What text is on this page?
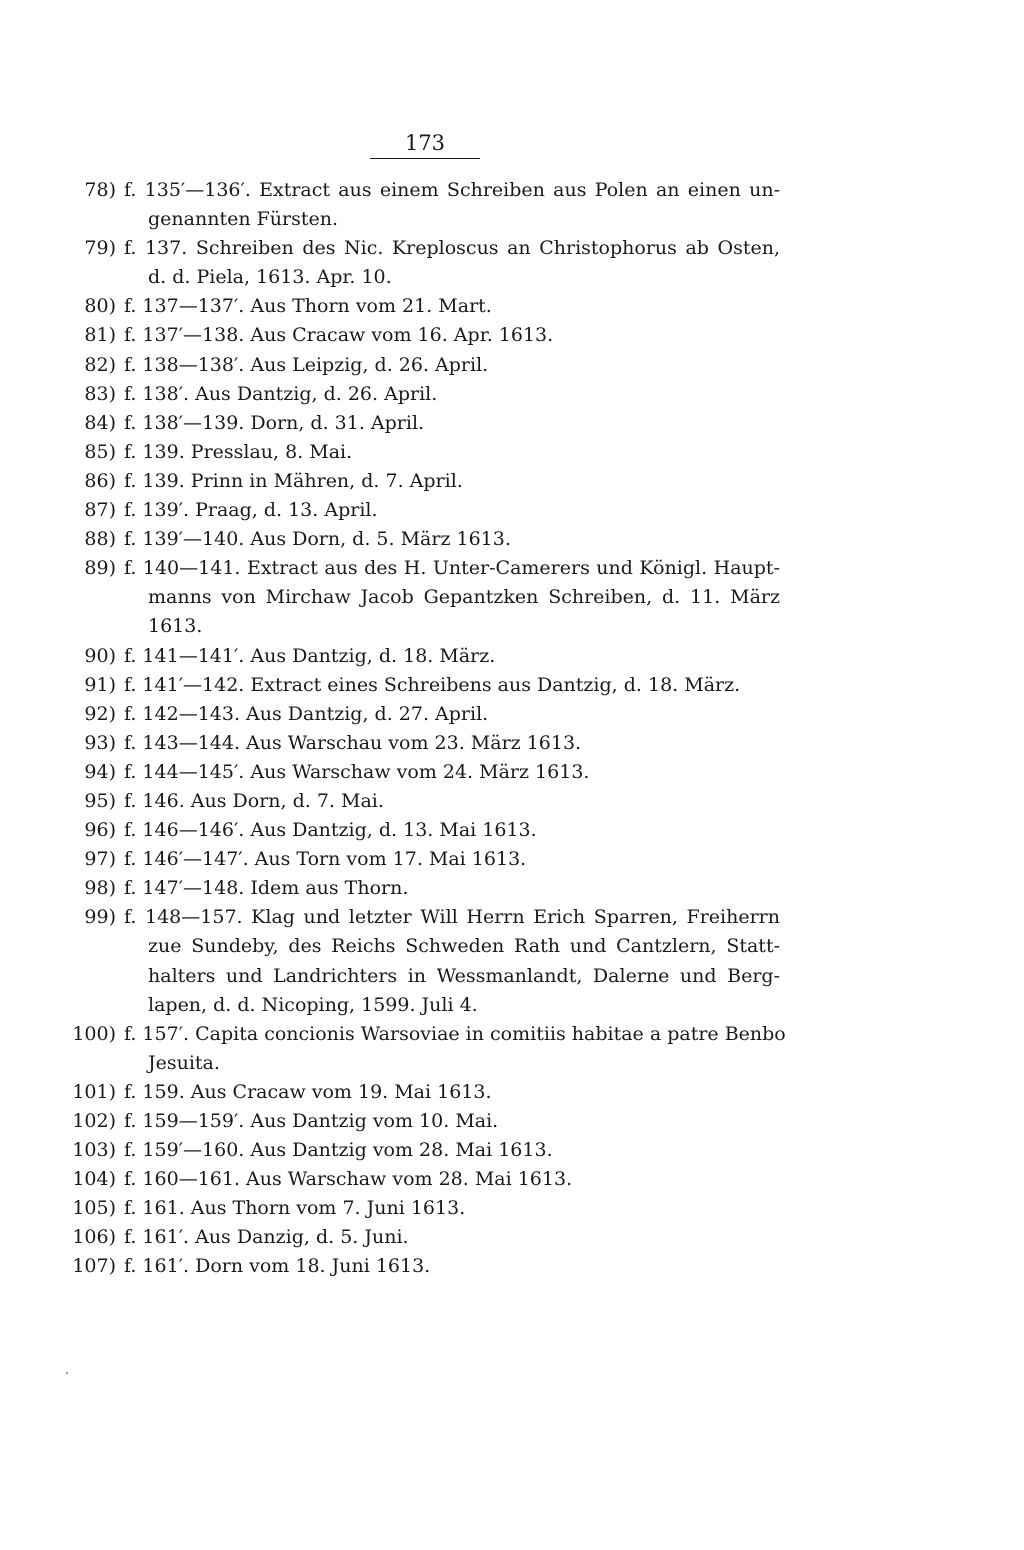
173
78) f. 135′—136′. Extract aus einem Schreiben aus Polen an einen un-
genannten Fürsten.
79) f. 137. Schreiben des Nic. Kreploscus an Christophorus ab Osten,
d. d. Piela, 1613. Apr. 10.
80) f. 137—137′. Aus Thorn vom 21. Mart.
81) f. 137′—138. Aus Cracaw vom 16. Apr. 1613.
82) f. 138—138′. Aus Leipzig, d. 26. April.
83) f. 138′. Aus Dantzig, d. 26. April.
84) f. 138′—139. Dorn, d. 31. April.
85) f. 139. Presslau, 8. Mai.
86) f. 139. Prinn in Mähren, d. 7. April.
87) f. 139′. Praag, d. 13. April.
88) f. 139′—140. Aus Dorn, d. 5. März 1613.
89) f. 140—141. Extract aus des H. Unter-Camerers und Königl. Haupt-
manns von Mirchaw Jacob Gepantzken Schreiben, d. 11. März
1613.
90) f. 141—141′. Aus Dantzig, d. 18. März.
91) f. 141′—142. Extract eines Schreibens aus Dantzig, d. 18. März.
92) f. 142—143. Aus Dantzig, d. 27. April.
93) f. 143—144. Aus Warschau vom 23. März 1613.
94) f. 144—145′. Aus Warschaw vom 24. März 1613.
95) f. 146. Aus Dorn, d. 7. Mai.
96) f. 146—146′. Aus Dantzig, d. 13. Mai 1613.
97) f. 146′—147′. Aus Torn vom 17. Mai 1613.
98) f. 147′—148. Idem aus Thorn.
99) f. 148—157. Klag und letzter Will Herrn Erich Sparren, Freiherrn
zue Sundeby, des Reichs Schweden Rath und Cantzlern, Statt-
halters und Landrichters in Wessmanlandt, Dalerne und Berg-
lapen, d. d. Nicoping, 1599. Juli 4.
100) f. 157′. Capita concionis Warsoviae in comitiis habitae a patre Benbo
Jesuita.
101) f. 159. Aus Cracaw vom 19. Mai 1613.
102) f. 159—159′. Aus Dantzig vom 10. Mai.
103) f. 159′—160. Aus Dantzig vom 28. Mai 1613.
104) f. 160—161. Aus Warschaw vom 28. Mai 1613.
105) f. 161. Aus Thorn vom 7. Juni 1613.
106) f. 161′. Aus Danzig, d. 5. Juni.
107) f. 161′. Dorn vom 18. Juni 1613.
